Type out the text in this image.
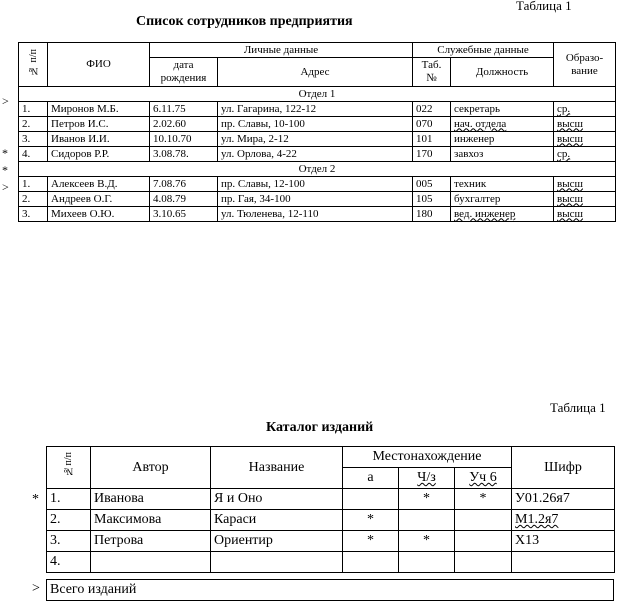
Таблица 1
Список сотрудников предприятия
№ п/п	ФИО	Личные данные		Служебные данные		Образо-вание
		дата рождения	Адрес	Таб. №	Должность	
Отдел 1						
1.	Миронов М.Б.	6.11.75	ул. Гагарина, 122-12	022	секретарь	ср.
2.	Петров И.С.	2.02.60	пр. Славы, 10-100	070	нач. отдела	высш
3.	Иванов И.И.	10.10.70	ул. Мира, 2-12	101	инженер	высш
4.	Сидоров Р.Р.	3.08.78.	ул. Орлова, 4-22	170	завхоз	ср.
Отдел 2						
1.	Алексеев В.Д.	7.08.76	пр. Славы, 12-100	005	техник	высш
2.	Андреев О.Г.	4.08.79	пр. Гая, 34-100	105	бухгалтер	высш
3.	Михеев О.Ю.	3.10.65	ул. Тюленева, 12-110	180	вед. инженер	высш
>
*
*
>
Таблица 1
Каталог изданий
№п/п	Автор	Название	Местонахождение			Шифр
			а	Ч/з	Уч 6	
1.	Иванова	Я и Оно		*	*	У01.26я7
2.	Максимова	Караси	*			М1.2я7
3.	Петрова	Ориентир	*	*		Х13
4.						
Всего изданий
*
>
